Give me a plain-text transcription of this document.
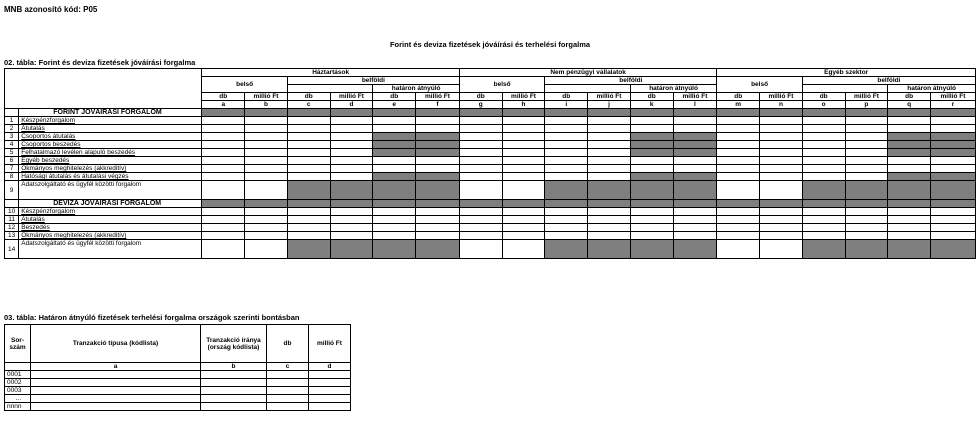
MNB azonosító kód: P05
Forint és deviza fizetések jóváírási és terhelési forgalma
02. tábla: Forint és deviza fizetések jóváírási forgalma
		Háztartások						Nem pénzügyi vállalatok						Egyéb szektor					
		belső		belföldi				belső		belföldi				belső		belföldi			
						határon átnyúló						határon átnyúló						határon átnyúló	
		db	millió Ft	db	millió Ft	db	millió Ft	db	millió Ft	db	millió Ft	db	millió Ft	db	millió Ft	db	millió Ft	db	millió Ft
		a	b	c	d	e	f	g	h	i	j	k	l	m	n	o	p	q	r
	FORINT JÓVÁÍRÁSI FORGALOM																		
1	Készpénzforgalom																		
2	Átutalás																		
3	Csoportos átutalás																		
4	Csoportos beszedés																		
5	Felhatalmazó levélen alapuló beszedés																		
6	Egyéb beszedés																		
7	Okmányos meghitelezés (akkreditív)																		
8	Hatósági átutalás és átutalási végzés																		
9	Adatszolgáltató és ügyfél közötti forgalom																		
	DEVIZA JÓVÁÍRÁSI FORGALOM																		
10	Készpénzforgalom																		
11	Átutalás																		
12	Beszedés																		
13	Okmányos meghitelezés (akkreditív)																		
14	Adatszolgáltató és ügyfél közötti forgalom																		
03. tábla: Határon átnyúló fizetések terhelési forgalma országok szerinti bontásban
Sor-szám	Tranzakció típusa (kódlista)	Tranzakció iránya (ország kódlista)	db	millió Ft
	a	b	c	d
0001				
0002				
0003				
...				
nnnn				
